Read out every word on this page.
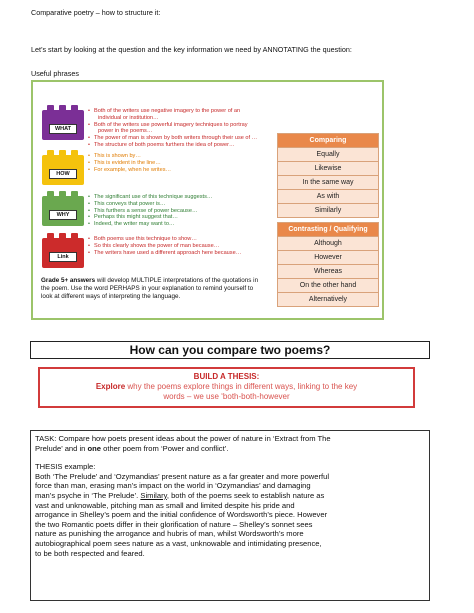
Comparative poetry – how to structure it:
Let’s start by looking at the question and the key information we need by ANNOTATING the question:
Useful phrases
WHAT
• Both of the writers use negative imagery to the power of an
individual or institution…
• Both of the writers use powerful imagery techniques to portray
power in the poems…
• The power of man is shown by both writers through their use of …
• The structure of both poems furthers the idea of power…
HOW
• This is shown by…
• This is evident in the line…
• For example, when he writes…
WHY
• The significant use of this technique suggests…
• This conveys that power is…
• This furthers a sense of power because…
• Perhaps this might suggest that…
• Indeed, the writer may want to…
Link
• Both poems use this technique to show…
• So this clearly shows the power of man because…
• The writers have used a different approach here because…
Comparing
Equally
Likewise
In the same way
As with
Similarly
Contrasting / Qualifying
Although
However
Whereas
On the other hand
Alternatively
Grade 5+ answers will develop MULTIPLE interpretations of the quotations in
the poem. Use the word PERHAPS in your explanation to remind yourself to
look at different ways of interpreting the language.
How can you compare two poems?
BUILD A THESIS:
Explore why the poems explore things in different ways, linking to the key
words – we use ‘both-both-however
TASK: Compare how poets present ideas about the power of nature in ‘Extract from The
Prelude’ and in one other poem from ‘Power and conflict’.
THESIS example:
Both ‘The Prelude’ and ‘Ozymandias’ present nature as a far greater and more powerful
force than man, erasing man’s impact on the world in ‘Ozymandias’ and damaging
man’s psyche in ‘The Prelude’. Similary, both of the poems seek to establish nature as
vast and unknowable, pitching man as small and limited despite his pride and
arrogance in Shelley’s poem and the initial confidence of Wordsworth’s piece. However
the two Romantic poets differ in their glorification of nature – Shelley’s sonnet sees
nature as punishing the arrogance and hubris of man, whilst Wordsworth’s more
autobiographical poem sees nature as a vast, unknowable and intimidating presence,
to be both respected and feared.
